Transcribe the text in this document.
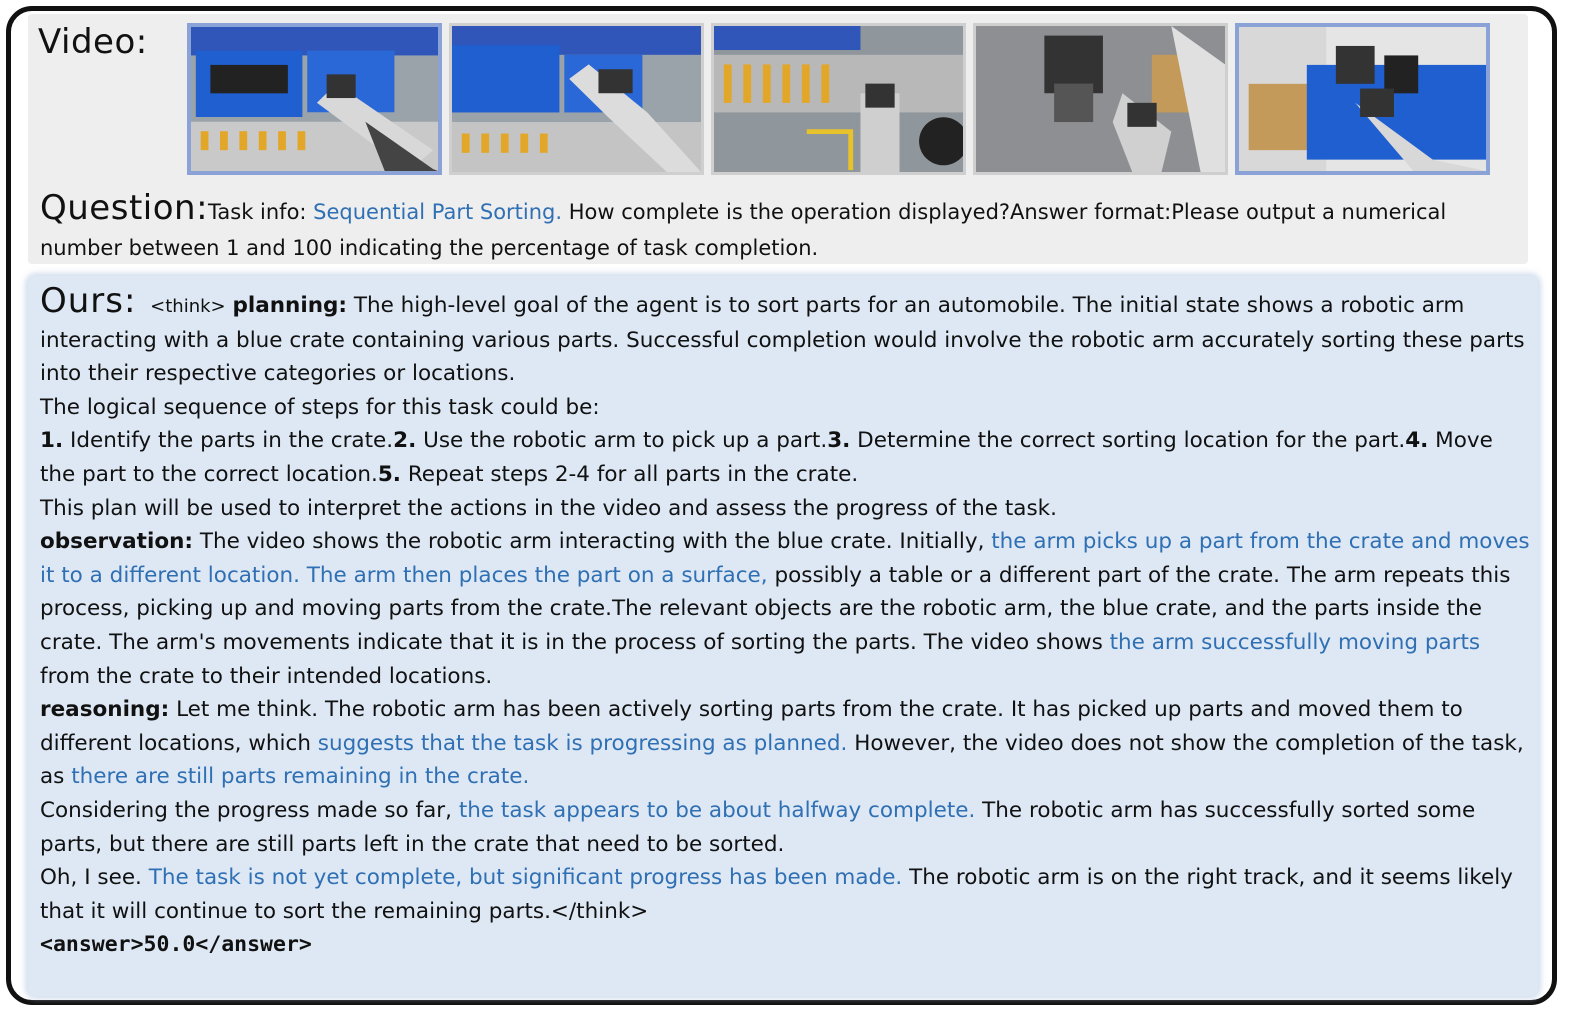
Video:
Question:Task info: Sequential Part Sorting. How complete is the operation displayed?Answer format:Please output a numerical number between 1 and 100 indicating the percentage of task completion.

Ours: <think> planning: The high-level goal of the agent is to sort parts for an automobile. The initial state shows a robotic arm interacting with a blue crate containing various parts. Successful completion would involve the robotic arm accurately sorting these parts into their respective categories or locations.

The logical sequence of steps for this task could be:

1. Identify the parts in the crate.2. Use the robotic arm to pick up a part.3. Determine the correct sorting location for the part.4. Move the part to the correct location.5. Repeat steps 2-4 for all parts in the crate.

This plan will be used to interpret the actions in the video and assess the progress of the task.

observation: The video shows the robotic arm interacting with the blue crate. Initially, the arm picks up a part from the crate and moves it to a different location. The arm then places the part on a surface, possibly a table or a different part of the crate. The arm repeats this process, picking up and moving parts from the crate.The relevant objects are the robotic arm, the blue crate, and the parts inside the crate. The arm's movements indicate that it is in the process of sorting the parts. The video shows the arm successfully moving parts from the crate to their intended locations.

reasoning: Let me think. The robotic arm has been actively sorting parts from the crate. It has picked up parts and moved them to different locations, which suggests that the task is progressing as planned. However, the video does not show the completion of the task, as there are still parts remaining in the crate.

Considering the progress made so far, the task appears to be about halfway complete. The robotic arm has successfully sorted some parts, but there are still parts left in the crate that need to be sorted.

Oh, I see. The task is not yet complete, but significant progress has been made. The robotic arm is on the right track, and it seems likely that it will continue to sort the remaining parts.</think>

<answer>50.0</answer>
